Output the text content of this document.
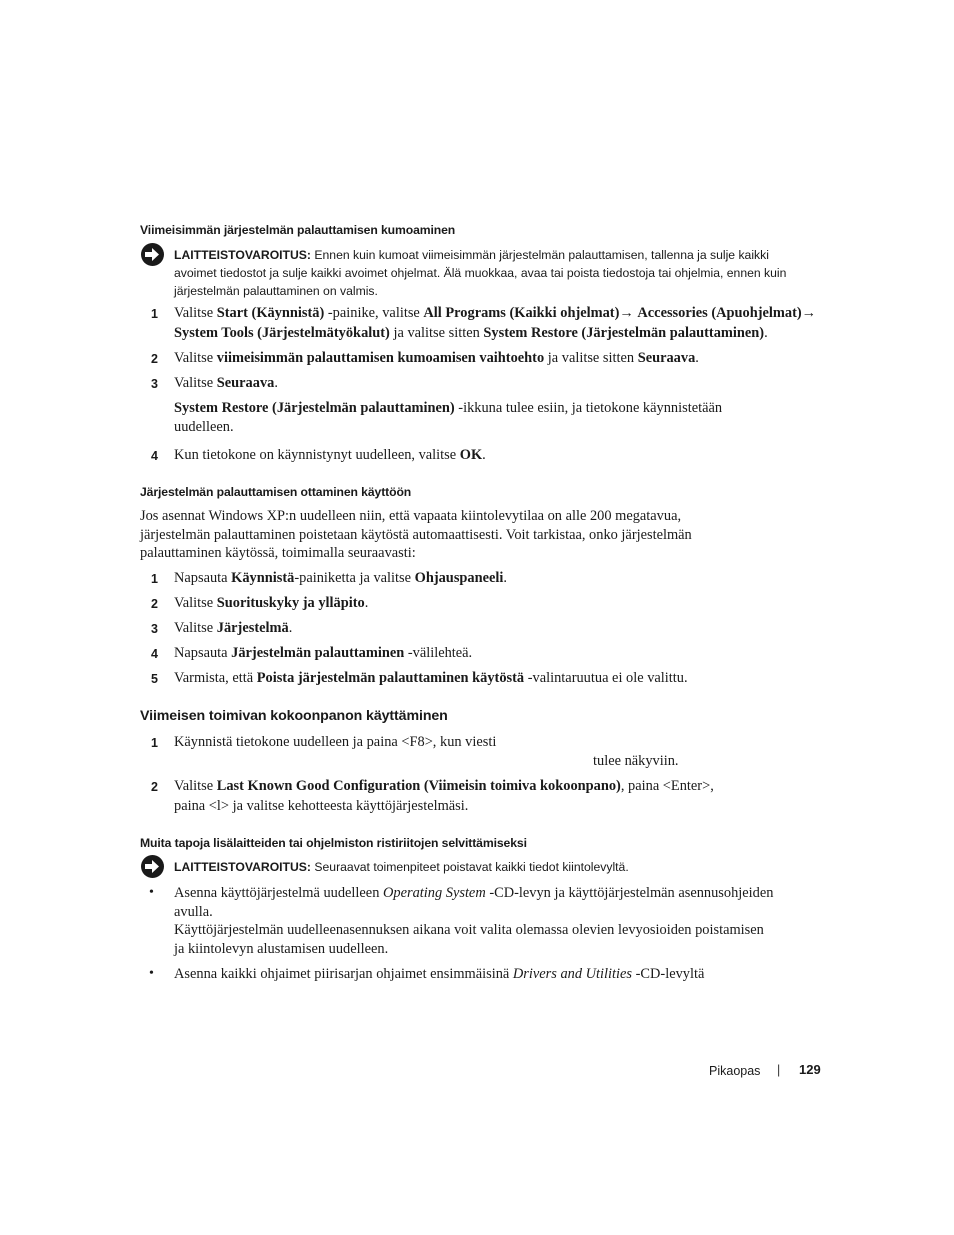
Viimeisimmän järjestelmän palauttamisen kumoaminen
LAITTEISTOVAROITUS: Ennen kuin kumoat viimeisimmän järjestelmän palauttamisen, tallenna ja sulje kaikki
avoimet tiedostot ja sulje kaikki avoimet ohjelmat. Älä muokkaa, avaa tai poista tiedostoja tai ohjelmia, ennen kuin
järjestelmän palauttaminen on valmis.
1 Valitse Start (Käynnistä) -painike, valitse All Programs (Kaikki ohjelmat)→ Accessories (Apuohjelmat)→
System Tools (Järjestelmätyökalut) ja valitse sitten System Restore (Järjestelmän palauttaminen).
2 Valitse viimeisimmän palauttamisen kumoamisen vaihtoehto ja valitse sitten Seuraava.
3 Valitse Seuraava.
System Restore (Järjestelmän palauttaminen) -ikkuna tulee esiin, ja tietokone käynnistetään
uudelleen.
4 Kun tietokone on käynnistynyt uudelleen, valitse OK.
Järjestelmän palauttamisen ottaminen käyttöön
Jos asennat Windows XP:n uudelleen niin, että vapaata kiintolevytilaa on alle 200 megatavua,
järjestelmän palauttaminen poistetaan käytöstä automaattisesti. Voit tarkistaa, onko järjestelmän
palauttaminen käytössä, toimimalla seuraavasti:
1 Napsauta Käynnistä-painiketta ja valitse Ohjauspaneeli.
2 Valitse Suorituskyky ja ylläpito.
3 Valitse Järjestelmä.
4 Napsauta Järjestelmän palauttaminen -välilehteä.
5 Varmista, että Poista järjestelmän palauttaminen käytöstä -valintaruutua ei ole valittu.
Viimeisen toimivan kokoonpanon käyttäminen
1 Käynnistä tietokone uudelleen ja paina <F8>, kun viesti
tulee näkyviin.
2 Valitse Last Known Good Configuration (Viimeisin toimiva kokoonpano), paina <Enter>,
paina <l> ja valitse kehotteesta käyttöjärjestelmäsi.
Muita tapoja lisälaitteiden tai ohjelmiston ristiriitojen selvittämiseksi
LAITTEISTOVAROITUS: Seuraavat toimenpiteet poistavat kaikki tiedot kiintolevyltä.
• Asenna käyttöjärjestelmä uudelleen Operating System -CD-levyn ja käyttöjärjestelmän asennusohjeiden
avulla.
Käyttöjärjestelmän uudelleenasennuksen aikana voit valita olemassa olevien levyosioiden poistamisen
ja kiintolevyn alustamisen uudelleen.
• Asenna kaikki ohjaimet piirisarjan ohjaimet ensimmäisinä Drivers and Utilities -CD-levyltä
Pikaopas | 129
